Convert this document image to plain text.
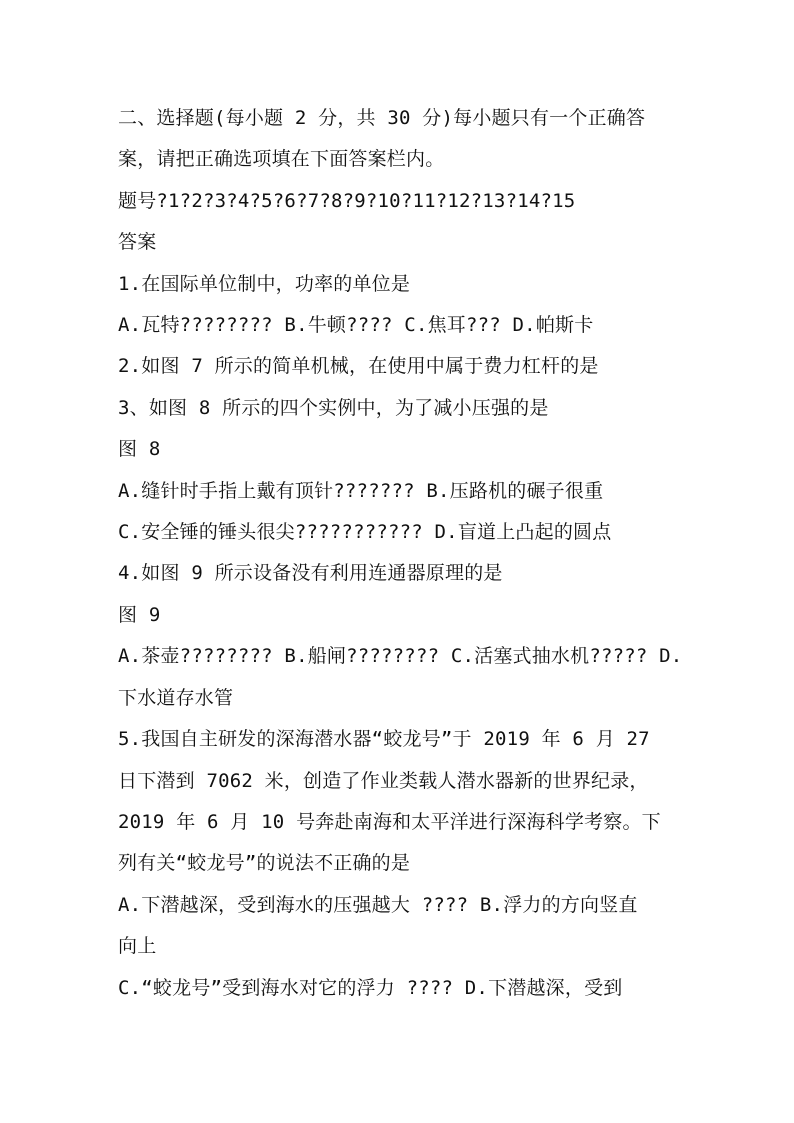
二、选择题(每小题 2 分，共 30 分)每小题只有一个正确答
案，请把正确选项填在下面答案栏内。
题号?1?2?3?4?5?6?7?8?9?10?11?12?13?14?15
答案
1.在国际单位制中，功率的单位是
A.瓦特???????? B.牛顿???? C.焦耳??? D.帕斯卡
2.如图 7 所示的简单机械，在使用中属于费力杠杆的是
3、如图 8 所示的四个实例中，为了减小压强的是
图 8
A.缝针时手指上戴有顶针??????? B.压路机的碾子很重
C.安全锤的锤头很尖??????????? D.盲道上凸起的圆点
4.如图 9 所示设备没有利用连通器原理的是
图 9
A.茶壶???????? B.船闸???????? C.活塞式抽水机????? D.
下水道存水管
5.我国自主研发的深海潜水器“蛟龙号”于 2019 年 6 月 27
日下潜到 7062 米，创造了作业类载人潜水器新的世界纪录，
2019 年 6 月 10 号奔赴南海和太平洋进行深海科学考察。下
列有关“蛟龙号”的说法不正确的是
A.下潜越深，受到海水的压强越大 ???? B.浮力的方向竖直
向上
C.“蛟龙号”受到海水对它的浮力 ???? D.下潜越深，受到
